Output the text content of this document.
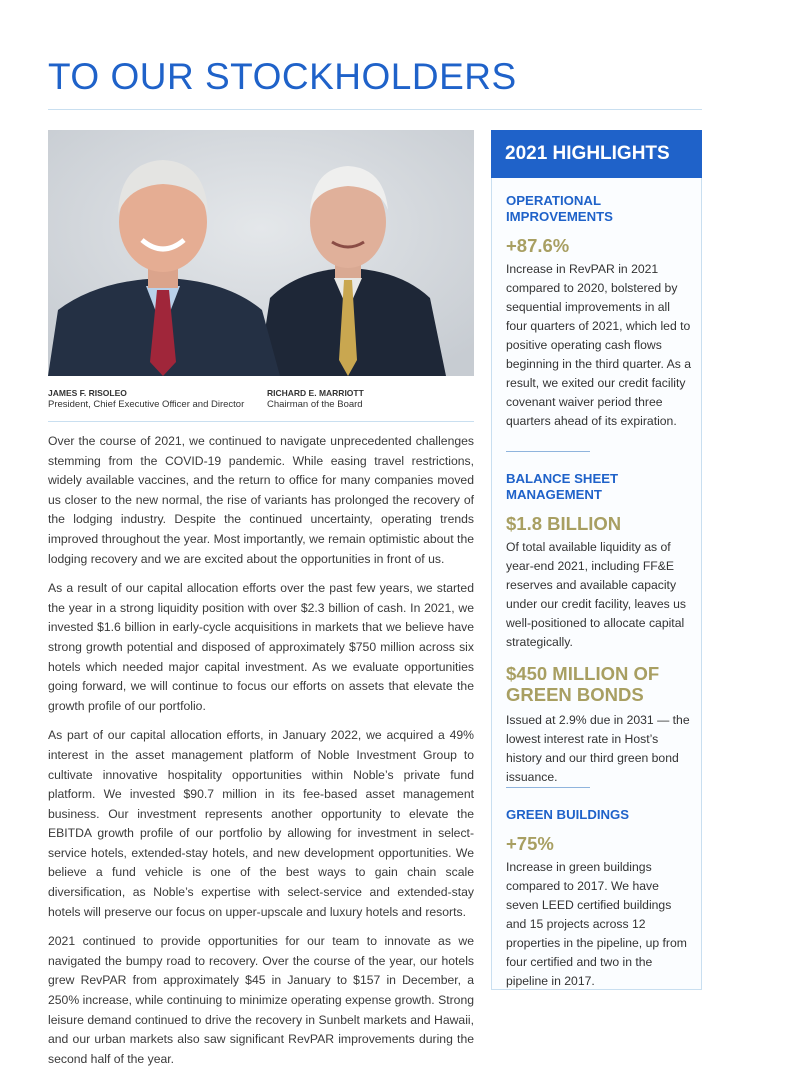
TO OUR STOCKHOLDERS
JAMES F. RISOLEO
President, Chief Executive Officer and Director
RICHARD E. MARRIOTT
Chairman of the Board

Over the course of 2021, we continued to navigate unprecedented challenges stemming from the COVID-19 pandemic. While easing travel restrictions, widely available vaccines, and the return to office for many companies moved us closer to the new normal, the rise of variants has prolonged the recovery of the lodging industry. Despite the continued uncertainty, operating trends improved throughout the year. Most importantly, we remain optimistic about the lodging recovery and we are excited about the opportunities in front of us.

As a result of our capital allocation efforts over the past few years, we started the year in a strong liquidity position with over $2.3 billion of cash. In 2021, we invested $1.6 billion in early-cycle acquisitions in markets that we believe have strong growth potential and disposed of approximately $750 million across six hotels which needed major capital investment. As we evaluate opportunities going forward, we will continue to focus our efforts on assets that elevate the growth profile of our portfolio.

As part of our capital allocation efforts, in January 2022, we acquired a 49% interest in the asset management platform of Noble Investment Group to cultivate innovative hospitality opportunities within Noble’s private fund platform. We invested $90.7 million in its fee-based asset management business. Our investment represents another opportunity to elevate the EBITDA growth profile of our portfolio by allowing for investment in select-service hotels, extended-stay hotels, and new development opportunities. We believe a fund vehicle is one of the best ways to gain chain scale diversification, as Noble’s expertise with select-service and extended-stay hotels will preserve our focus on upper-upscale and luxury hotels and resorts.

2021 continued to provide opportunities for our team to innovate as we navigated the bumpy road to recovery. Over the course of the year, our hotels grew RevPAR from approximately $45 in January to $157 in December, a 250% increase, while continuing to minimize operating expense growth. Strong leisure demand continued to drive the recovery in Sunbelt markets and Hawaii, and our urban markets also saw significant RevPAR improvements during the second half of the year.

2021 HIGHLIGHTS

OPERATIONAL IMPROVEMENTS

+87.6%

Increase in RevPAR in 2021 compared to 2020, bolstered by sequential improvements in all four quarters of 2021, which led to positive operating cash flows beginning in the third quarter. As a result, we exited our credit facility covenant waiver period three quarters ahead of its expiration.

BALANCE SHEET MANAGEMENT

$1.8 BILLION

Of total available liquidity as of year-end 2021, including FF&E reserves and available capacity under our credit facility, leaves us well-positioned to allocate capital strategically.

$450 MILLION OF GREEN BONDS

Issued at 2.9% due in 2031 — the lowest interest rate in Host’s history and our third green bond issuance.

GREEN BUILDINGS

+75%

Increase in green buildings compared to 2017. We have seven LEED certified buildings and 15 projects across 12 properties in the pipeline, up from four certified and two in the pipeline in 2017.
